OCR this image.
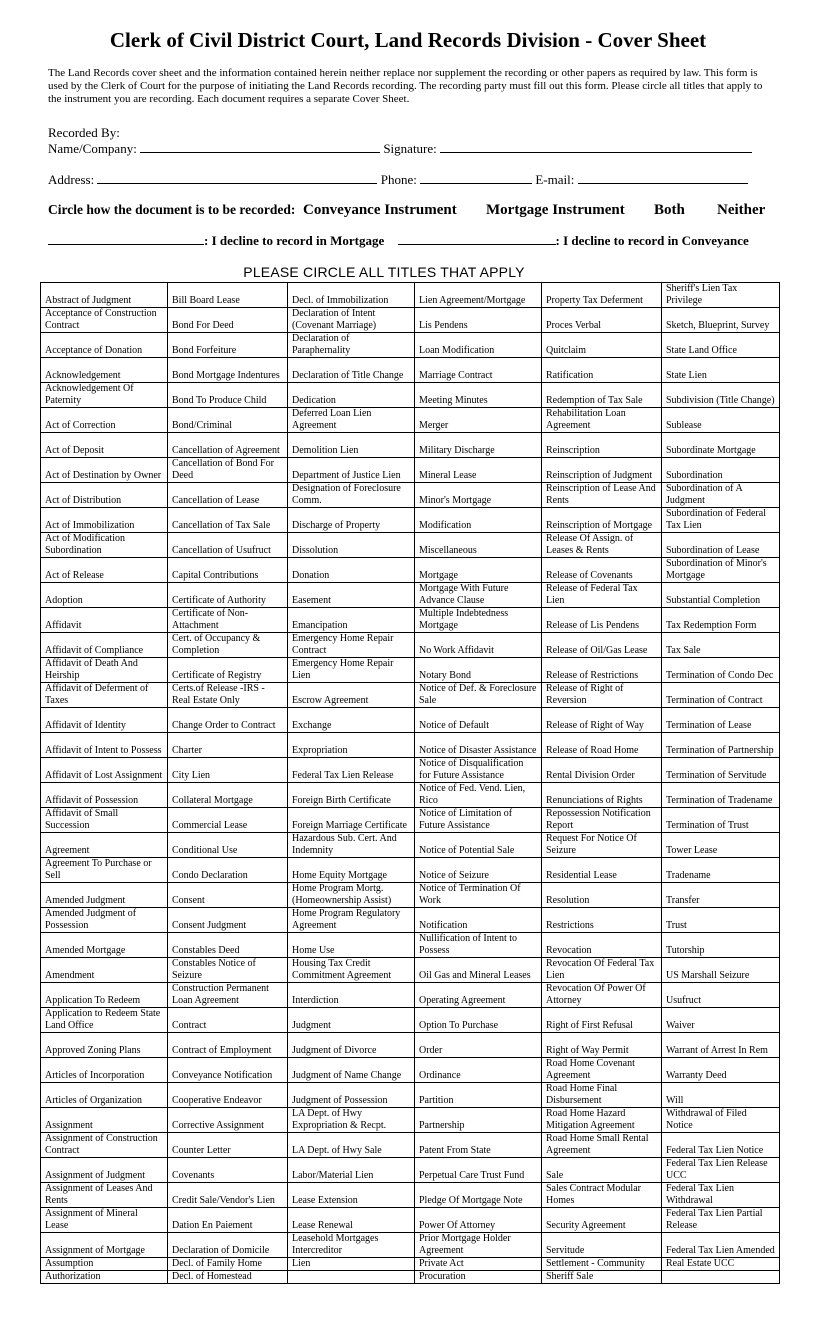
Clerk of Civil District Court, Land Records Division - Cover Sheet
The Land Records cover sheet and the information contained herein neither replace nor supplement the recording or other papers as required by law. This form is used by the Clerk of Court for the purpose of initiating the Land Records recording. The recording party must fill out this form. Please circle all titles that apply to the instrument you are recording. Each document requires a separate Cover Sheet.
Recorded By:
Name/Company:	Signature:
Address:	Phone:	E-mail:
Circle how the document is to be recorded: Conveyance Instrument Mortgage Instrument Both Neither
: I decline to record in Mortgage	: I decline to record in Conveyance
PLEASE CIRCLE ALL TITLES THAT APPLY
Abstract of Judgment	Bill Board Lease	Decl. of Immobilization	Lien Agreement/Mortgage	Property Tax Deferment	Sheriff's Lien Tax Privilege
Acceptance of Construction Contract	Bond For Deed	Declaration of Intent (Covenant Marriage)	Lis Pendens	Proces Verbal	Sketch, Blueprint, Survey
Acceptance of Donation	Bond Forfeiture	Declaration of Paraphernality	Loan Modification	Quitclaim	State Land Office
Acknowledgement	Bond Mortgage Indentures	Declaration of Title Change	Marriage Contract	Ratification	State Lien
Acknowledgement Of Paternity	Bond To Produce Child	Dedication	Meeting Minutes	Redemption of Tax Sale	Subdivision (Title Change)
Act of Correction	Bond/Criminal	Deferred Loan Lien Agreement	Merger	Rehabilitation Loan Agreement	Sublease
Act of Deposit	Cancellation of Agreement	Demolition Lien	Military Discharge	Reinscription	Subordinate Mortgage
Act of Destination by Owner	Cancellation of Bond For Deed	Department of Justice Lien	Mineral Lease	Reinscription of Judgment	Subordination
Act of Distribution	Cancellation of Lease	Designation of Foreclosure Comm.	Minor's Mortgage	Reinscription of Lease And Rents	Subordination of A Judgment
Act of Immobilization	Cancellation of Tax Sale	Discharge of Property	Modification	Reinscription of Mortgage	Subordination of Federal Tax Lien
Act of Modification Subordination	Cancellation of Usufruct	Dissolution	Miscellaneous	Release Of Assign. of Leases & Rents	Subordination of Lease
Act of Release	Capital Contributions	Donation	Mortgage	Release of Covenants	Subordination of Minor's Mortgage
Adoption	Certificate of Authority	Easement	Mortgage With Future Advance Clause	Release of Federal Tax Lien	Substantial Completion
Affidavit	Certificate of Non-Attachment	Emancipation	Multiple Indebtedness Mortgage	Release of Lis Pendens	Tax Redemption Form
Affidavit of Compliance	Cert. of Occupancy & Completion	Emergency Home Repair Contract	No Work Affidavit	Release of Oil/Gas Lease	Tax Sale
Affidavit of Death And Heirship	Certificate of Registry	Emergency Home Repair Lien	Notary Bond	Release of Restrictions	Termination of Condo Dec
Affidavit of Deferment of Taxes	Certs.of Release -IRS - Real Estate Only	Escrow Agreement	Notice of Def. & Foreclosure Sale	Release of Right of Reversion	Termination of Contract
Affidavit of Identity	Change Order to Contract	Exchange	Notice of Default	Release of Right of Way	Termination of Lease
Affidavit of Intent to Possess	Charter	Expropriation	Notice of Disaster Assistance	Release of Road Home	Termination of Partnership
Affidavit of Lost Assignment	City Lien	Federal Tax Lien Release	Notice of Disqualification for Future Assistance	Rental Division Order	Termination of Servitude
Affidavit of Possession	Collateral Mortgage	Foreign Birth Certificate	Notice of Fed. Vend. Lien, Rico	Renunciations of Rights	Termination of Tradename
Affidavit of Small Succession	Commercial Lease	Foreign Marriage Certificate	Notice of Limitation of Future Assistance	Repossession Notification Report	Termination of Trust
Agreement	Conditional Use	Hazardous Sub. Cert. And Indemnity	Notice of Potential Sale	Request For Notice Of Seizure	Tower Lease
Agreement To Purchase or Sell	Condo Declaration	Home Equity Mortgage	Notice of Seizure	Residential Lease	Tradename
Amended Judgment	Consent	Home Program Mortg.(Homeownership Assist)	Notice of Termination Of Work	Resolution	Transfer
Amended Judgment of Possession	Consent Judgment	Home Program Regulatory Agreement	Notification	Restrictions	Trust
Amended Mortgage	Constables Deed	Home Use	Nullification of Intent to Possess	Revocation	Tutorship
Amendment	Constables Notice of Seizure	Housing Tax Credit Commitment Agreement	Oil Gas and Mineral Leases	Revocation Of Federal Tax Lien	US Marshall Seizure
Application To Redeem	Construction Permanent Loan Agreement	Interdiction	Operating Agreement	Revocation Of Power Of Attorney	Usufruct
Application to Redeem State Land Office	Contract	Judgment	Option To Purchase	Right of First Refusal	Waiver
Approved Zoning Plans	Contract of Employment	Judgment of Divorce	Order	Right of Way Permit	Warrant of Arrest In Rem
Articles of Incorporation	Conveyance Notification	Judgment of Name Change	Ordinance	Road Home Covenant Agreement	Warranty Deed
Articles of Organization	Cooperative Endeavor	Judgment of Possession	Partition	Road Home Final Disbursement	Will
Assignment	Corrective Assignment	LA Dept. of Hwy Expropriation & Recpt.	Partnership	Road Home Hazard Mitigation Agreement	Withdrawal of Filed Notice
Assignment of Construction Contract	Counter Letter	LA Dept. of Hwy Sale	Patent From State	Road Home Small Rental Agreement	Federal Tax Lien Notice
Assignment of Judgment	Covenants	Labor/Material Lien	Perpetual Care Trust Fund	Sale	Federal Tax Lien Release UCC
Assignment of Leases And Rents	Credit Sale/Vendor's Lien	Lease Extension	Pledge Of Mortgage Note	Sales Contract Modular Homes	Federal Tax Lien Withdrawal
Assignment of Mineral Lease	Dation En Paiement	Lease Renewal	Power Of Attorney	Security Agreement	Federal Tax Lien Partial Release
Assignment of Mortgage	Declaration of Domicile	Leasehold Mortgages Intercreditor	Prior Mortgage Holder Agreement	Servitude	Federal Tax Lien Amended
Assumption	Decl. of Family Home	Lien	Private Act	Settlement - Community	Real Estate UCC
Authorization	Decl. of Homestead		Procuration	Sheriff Sale	
